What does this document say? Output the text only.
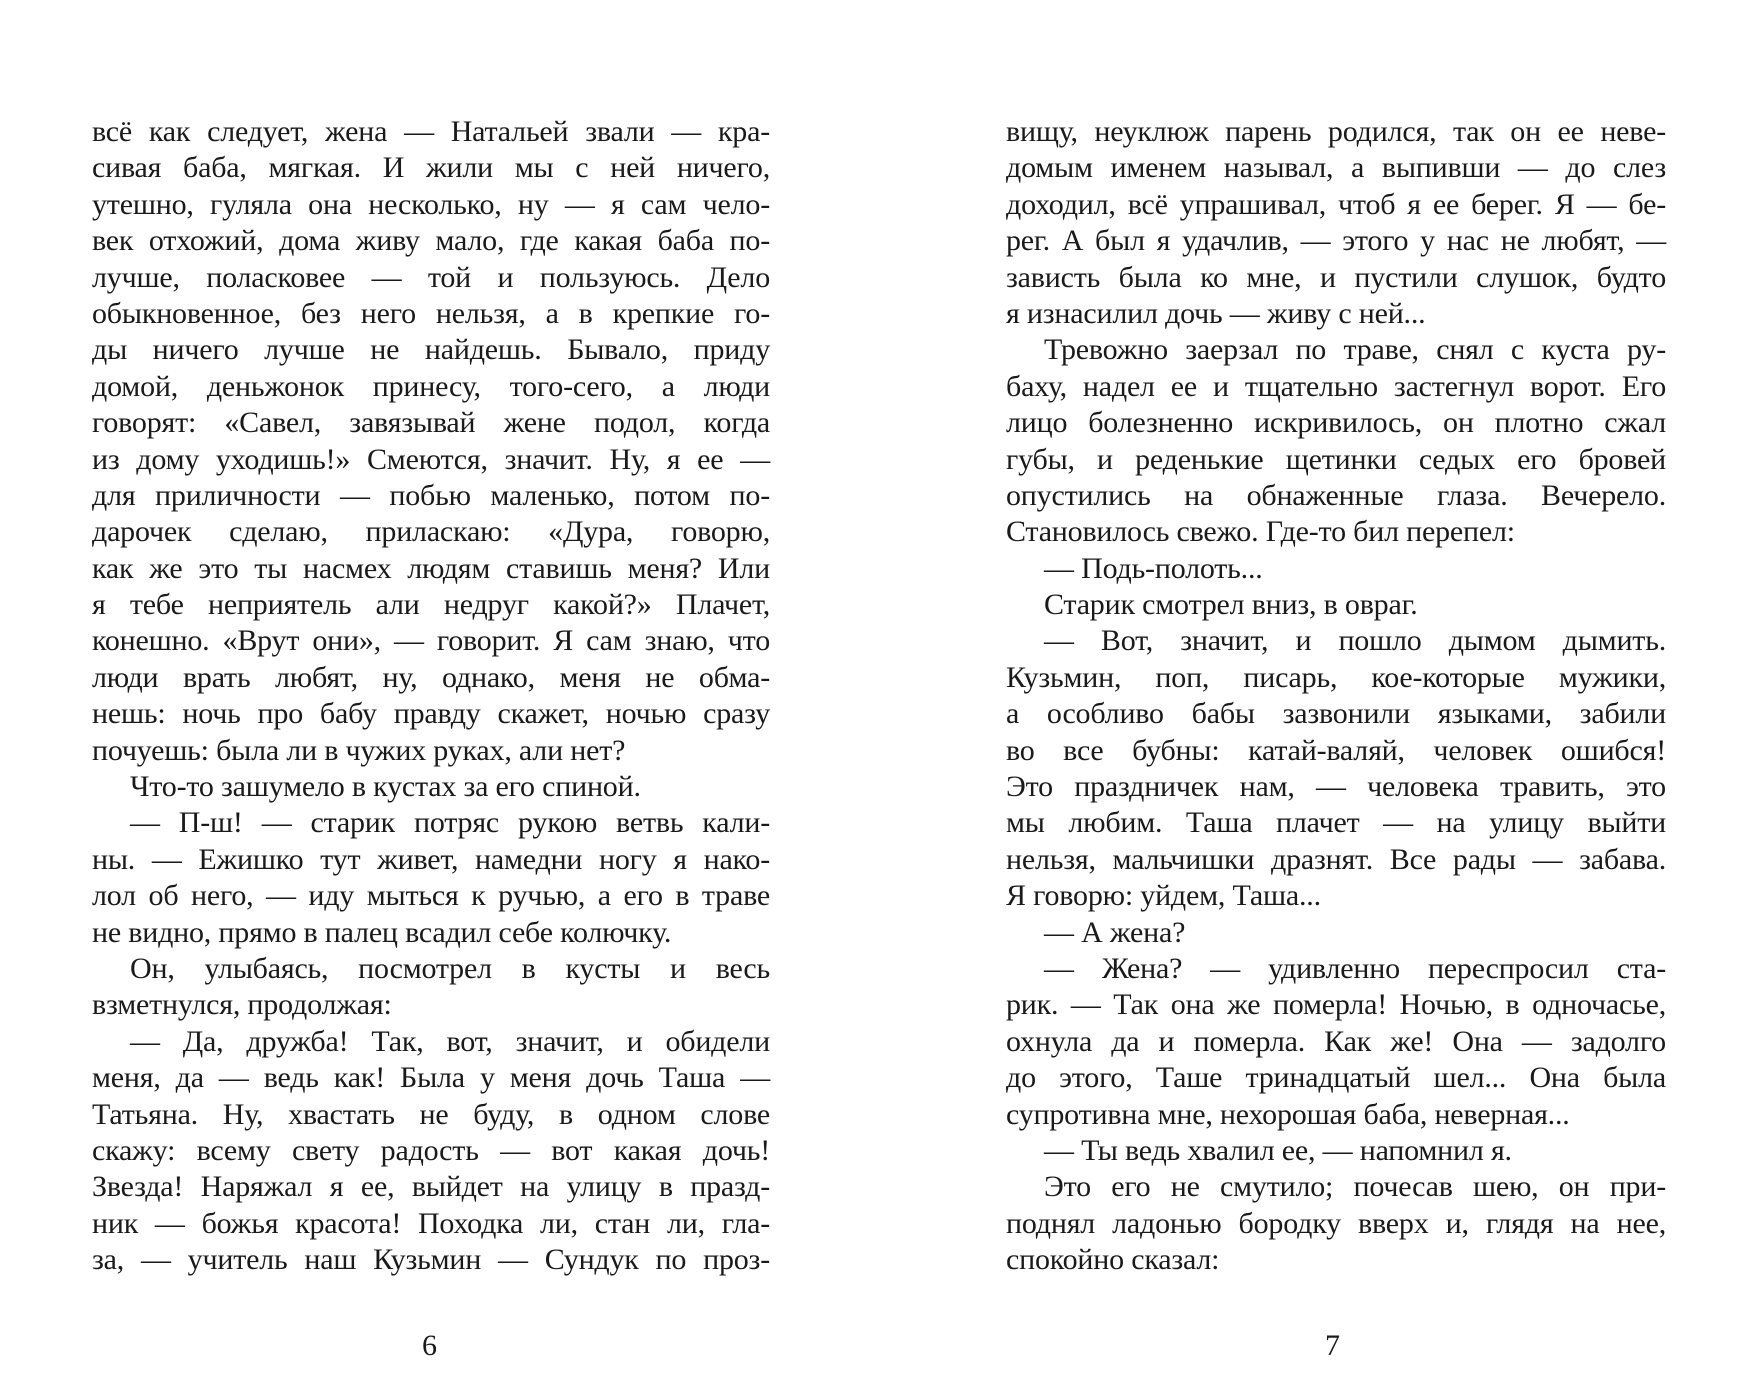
всё как следует, жена — Натальей звали — кра-
сивая баба, мягкая. И жили мы с ней ничего,
утешно, гуляла она несколько, ну — я сам чело-
век отхожий, дома живу мало, где какая баба по-
лучше, поласковее — той и пользуюсь. Дело
обыкновенное, без него нельзя, а в крепкие го-
ды ничего лучше не найдешь. Бывало, приду
домой, деньжонок принесу, того-сего, а люди
говорят: «Савел, завязывай жене подол, когда
из дому уходишь!» Смеются, значит. Ну, я ее —
для приличности — побью маленько, потом по-
дарочек сделаю, приласкаю: «Дура, говорю,
как же это ты насмех людям ставишь меня? Или
я тебе неприятель али недруг какой?» Плачет,
конешно. «Врут они», — говорит. Я сам знаю, что
люди врать любят, ну, однако, меня не обма-
нешь: ночь про бабу правду скажет, ночью сразу
почуешь: была ли в чужих руках, али нет?
Что-то зашумело в кустах за его спиной.
— П-ш! — старик потряс рукою ветвь кали-
ны. — Ежишко тут живет, намедни ногу я нако-
лол об него, — иду мыться к ручью, а его в траве
не видно, прямо в палец всадил себе колючку.
Он, улыбаясь, посмотрел в кусты и весь
взметнулся, продолжая:
— Да, дружба! Так, вот, значит, и обидели
меня, да — ведь как! Была у меня дочь Таша —
Татьяна. Ну, хвастать не буду, в одном слове
скажу: всему свету радость — вот какая дочь!
Звезда! Наряжал я ее, выйдет на улицу в празд-
ник — божья красота! Походка ли, стан ли, гла-
за, — учитель наш Кузьмин — Сундук по проз-
вищу, неуклюж парень родился, так он ее неве-
домым именем называл, а выпивши — до слез
доходил, всё упрашивал, чтоб я ее берег. Я — бе-
рег. А был я удачлив, — этого у нас не любят, —
зависть была ко мне, и пустили слушок, будто
я изнасилил дочь — живу с ней...
Тревожно заерзал по траве, снял с куста ру-
баху, надел ее и тщательно застегнул ворот. Его
лицо болезненно искривилось, он плотно сжал
губы, и реденькие щетинки седых его бровей
опустились на обнаженные глаза. Вечерело.
Становилось свежо. Где-то бил перепел:
— Подь-полоть...
Старик смотрел вниз, в овраг.
— Вот, значит, и пошло дымом дымить.
Кузьмин, поп, писарь, кое-которые мужики,
а особливо бабы зазвонили языками, забили
во все бубны: катай-валяй, человек ошибся!
Это праздничек нам, — человека травить, это
мы любим. Таша плачет — на улицу выйти
нельзя, мальчишки дразнят. Все рады — забава.
Я говорю: уйдем, Таша...
— А жена?
— Жена? — удивленно переспросил ста-
рик. — Так она же померла! Ночью, в одночасье,
охнула да и померла. Как же! Она — задолго
до этого, Таше тринадцатый шел... Она была
супротивна мне, нехорошая баба, неверная...
— Ты ведь хвалил ее, — напомнил я.
Это его не смутило; почесав шею, он при-
поднял ладонью бородку вверх и, глядя на нее,
спокойно сказал:
6	7
